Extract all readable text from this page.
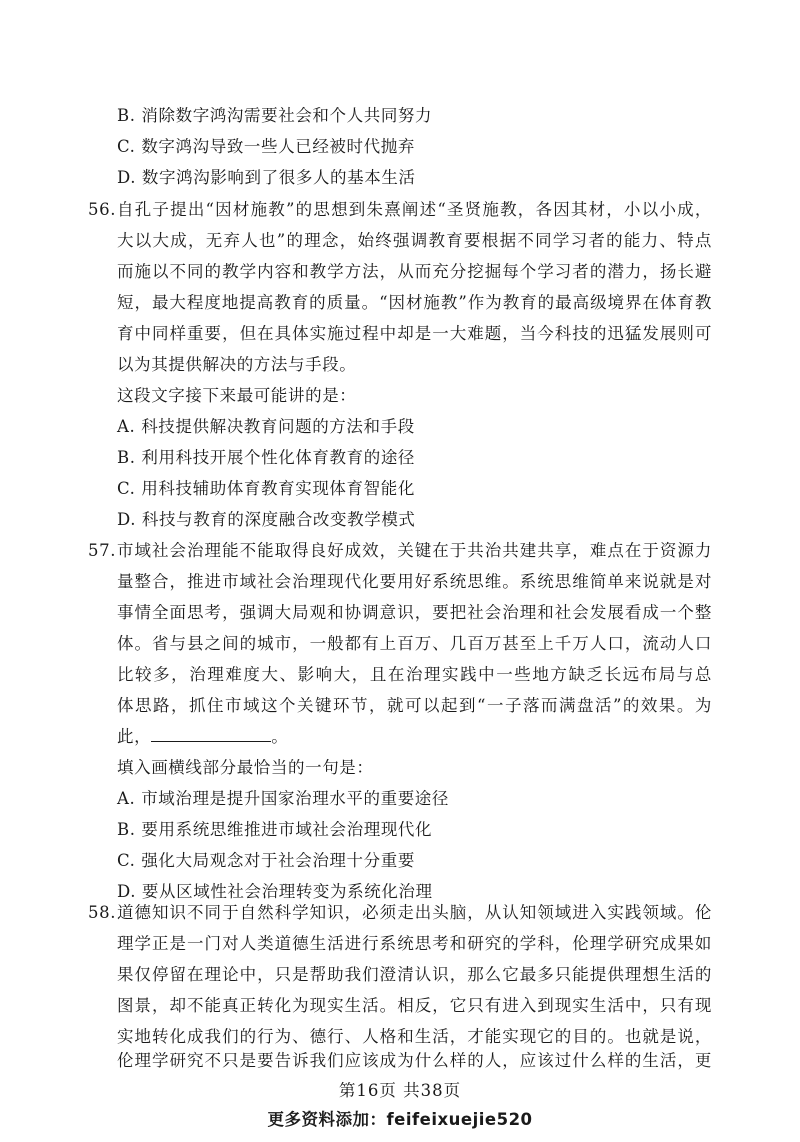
B. 消除数字鸿沟需要社会和个人共同努力
C. 数字鸿沟导致一些人已经被时代抛弃
D. 数字鸿沟影响到了很多人的基本生活
56. 自孔子提出“因材施教”的思想到朱熹阐述“圣贤施教，各因其材，小以小成，
大以大成，无弃人也”的理念，始终强调教育要根据不同学习者的能力、特点
而施以不同的教学内容和教学方法，从而充分挖掘每个学习者的潜力，扬长避
短，最大程度地提高教育的质量。“因材施教”作为教育的最高级境界在体育教
育中同样重要，但在具体实施过程中却是一大难题，当今科技的迅猛发展则可
以为其提供解决的方法与手段。
这段文字接下来最可能讲的是：
A. 科技提供解决教育问题的方法和手段
B. 利用科技开展个性化体育教育的途径
C. 用科技辅助体育教育实现体育智能化
D. 科技与教育的深度融合改变教学模式
57. 市域社会治理能不能取得良好成效，关键在于共治共建共享，难点在于资源力
量整合，推进市域社会治理现代化要用好系统思维。系统思维简单来说就是对
事情全面思考，强调大局观和协调意识，要把社会治理和社会发展看成一个整
体。省与县之间的城市，一般都有上百万、几百万甚至上千万人口，流动人口
比较多，治理难度大、影响大，且在治理实践中一些地方缺乏长远布局与总
体思路，抓住市域这个关键环节，就可以起到“一子落而满盘活”的效果。为
此，	。
填入画横线部分最恰当的一句是：
A. 市域治理是提升国家治理水平的重要途径
B. 要用系统思维推进市域社会治理现代化
C. 强化大局观念对于社会治理十分重要
D. 要从区域性社会治理转变为系统化治理
58. 道德知识不同于自然科学知识，必须走出头脑，从认知领域进入实践领域。伦
理学正是一门对人类道德生活进行系统思考和研究的学科，伦理学研究成果如
果仅停留在理论中，只是帮助我们澄清认识，那么它最多只能提供理想生活的
图景，却不能真正转化为现实生活。相反，它只有进入到现实生活中，只有现
实地转化成我们的行为、德行、人格和生活，才能实现它的目的。也就是说，
伦理学研究不只是要告诉我们应该成为什么样的人，应该过什么样的生活，更
第16页 共38页
更多资料添加：feifeixuejie520
